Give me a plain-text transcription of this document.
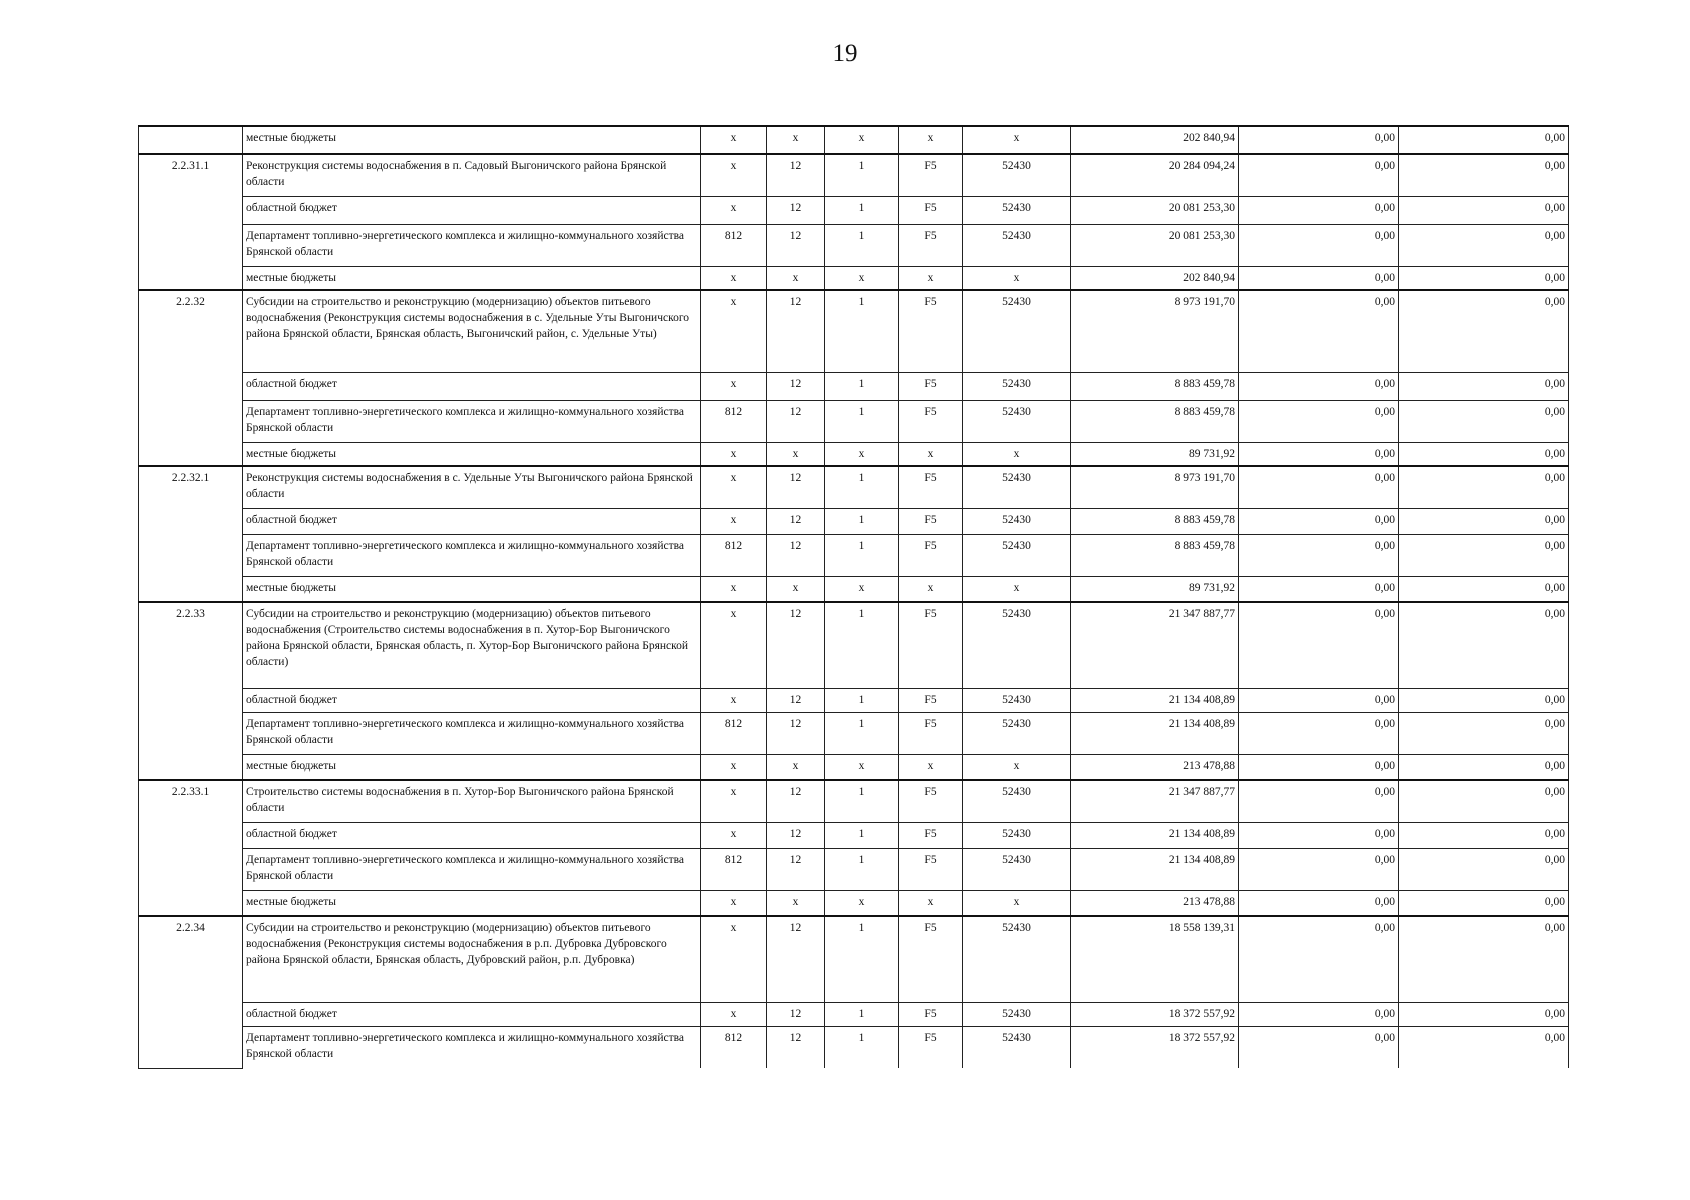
19
	местные бюджеты	x	x	x	x	x	202 840,94	0,00	0,00
2.2.31.1	Реконструкция системы водоснабжения в п. Садовый Выгоничского района Брянской области	x	12	1	F5	52430	20 284 094,24	0,00	0,00
	областной бюджет	x	12	1	F5	52430	20 081 253,30	0,00	0,00
	Департамент топливно-энергетического комплекса и жилищно-коммунального хозяйства Брянской области	812	12	1	F5	52430	20 081 253,30	0,00	0,00
	местные бюджеты	x	x	x	x	x	202 840,94	0,00	0,00
2.2.32	Субсидии на строительство и реконструкцию (модернизацию) объектов питьевого водоснабжения (Реконструкция системы водоснабжения в с. Удельные Уты Выгоничского района Брянской области, Брянская область, Выгоничский район, с. Удельные Уты)	x	12	1	F5	52430	8 973 191,70	0,00	0,00
	областной бюджет	x	12	1	F5	52430	8 883 459,78	0,00	0,00
	Департамент топливно-энергетического комплекса и жилищно-коммунального хозяйства Брянской области	812	12	1	F5	52430	8 883 459,78	0,00	0,00
	местные бюджеты	x	x	x	x	x	89 731,92	0,00	0,00
2.2.32.1	Реконструкция системы водоснабжения в с. Удельные Уты Выгоничского района Брянской области	x	12	1	F5	52430	8 973 191,70	0,00	0,00
	областной бюджет	x	12	1	F5	52430	8 883 459,78	0,00	0,00
	Департамент топливно-энергетического комплекса и жилищно-коммунального хозяйства Брянской области	812	12	1	F5	52430	8 883 459,78	0,00	0,00
	местные бюджеты	x	x	x	x	x	89 731,92	0,00	0,00
2.2.33	Субсидии на строительство и реконструкцию (модернизацию) объектов питьевого водоснабжения (Строительство системы водоснабжения в п. Хутор-Бор Выгоничского района Брянской области, Брянская область, п. Хутор-Бор Выгоничского района Брянской области)	x	12	1	F5	52430	21 347 887,77	0,00	0,00
	областной бюджет	x	12	1	F5	52430	21 134 408,89	0,00	0,00
	Департамент топливно-энергетического комплекса и жилищно-коммунального хозяйства Брянской области	812	12	1	F5	52430	21 134 408,89	0,00	0,00
	местные бюджеты	x	x	x	x	x	213 478,88	0,00	0,00
2.2.33.1	Строительство системы водоснабжения в п. Хутор-Бор Выгоничского района Брянской области	x	12	1	F5	52430	21 347 887,77	0,00	0,00
	областной бюджет	x	12	1	F5	52430	21 134 408,89	0,00	0,00
	Департамент топливно-энергетического комплекса и жилищно-коммунального хозяйства Брянской области	812	12	1	F5	52430	21 134 408,89	0,00	0,00
	местные бюджеты	x	x	x	x	x	213 478,88	0,00	0,00
2.2.34	Субсидии на строительство и реконструкцию (модернизацию) объектов питьевого водоснабжения (Реконструкция системы водоснабжения в р.п. Дубровка Дубровского района Брянской области, Брянская область, Дубровский район, р.п. Дубровка)	x	12	1	F5	52430	18 558 139,31	0,00	0,00
	областной бюджет	x	12	1	F5	52430	18 372 557,92	0,00	0,00
	Департамент топливно-энергетического комплекса и жилищно-коммунального хозяйства Брянской области	812	12	1	F5	52430	18 372 557,92	0,00	0,00
